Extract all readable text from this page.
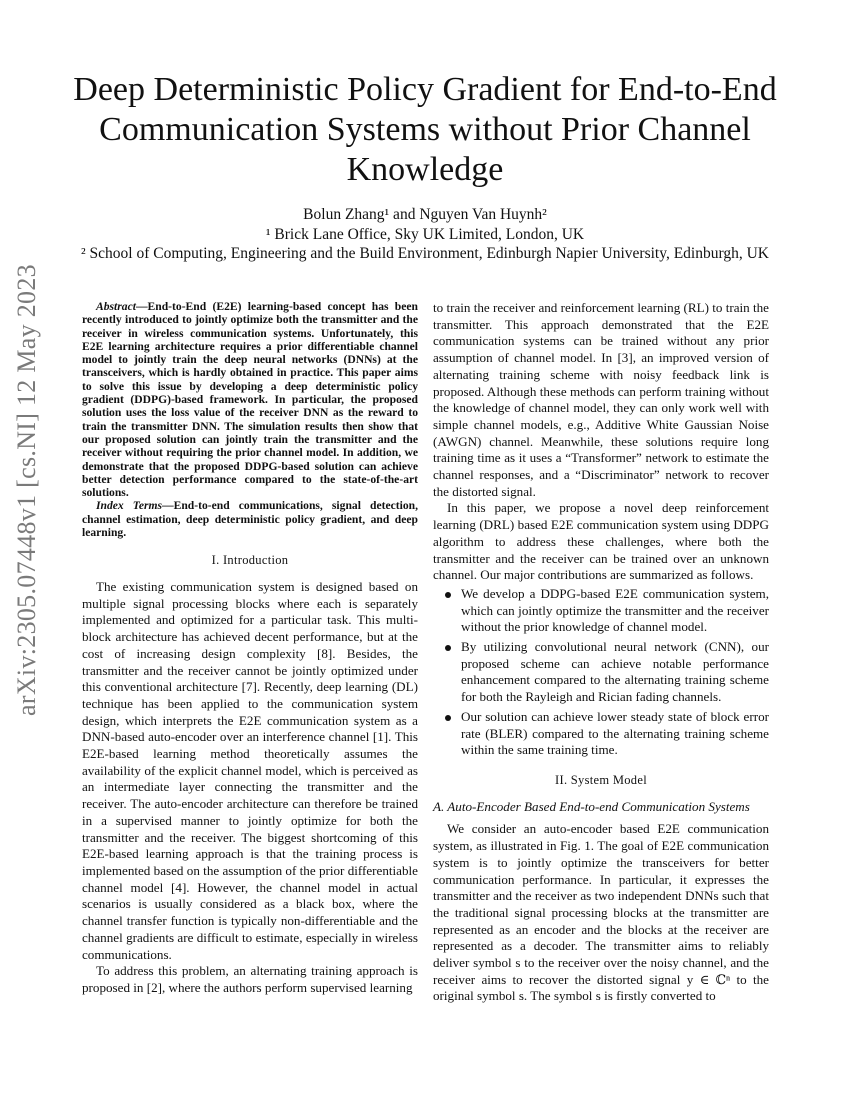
arXiv:2305.07448v1 [cs.NI] 12 May 2023
Deep Deterministic Policy Gradient for End-to-End Communication Systems without Prior Channel Knowledge
Bolun Zhang¹ and Nguyen Van Huynh²
¹ Brick Lane Office, Sky UK Limited, London, UK
² School of Computing, Engineering and the Build Environment, Edinburgh Napier University, Edinburgh, UK

Abstract—End-to-End (E2E) learning-based concept has been recently introduced to jointly optimize both the transmitter and the receiver in wireless communication systems. Unfortunately, this E2E learning architecture requires a prior differentiable channel model to jointly train the deep neural networks (DNNs) at the transceivers, which is hardly obtained in practice. This paper aims to solve this issue by developing a deep deterministic policy gradient (DDPG)-based framework. In particular, the proposed solution uses the loss value of the receiver DNN as the reward to train the transmitter DNN. The simulation results then show that our proposed solution can jointly train the transmitter and the receiver without requiring the prior channel model. In addition, we demonstrate that the proposed DDPG-based solution can achieve better detection performance compared to the state-of-the-art solutions.

Index Terms—End-to-end communications, signal detection, channel estimation, deep deterministic policy gradient, and deep learning.

I. Introduction

The existing communication system is designed based on multiple signal processing blocks where each is separately implemented and optimized for a particular task. This multi-block architecture has achieved decent performance, but at the cost of increasing design complexity [8]. Besides, the transmitter and the receiver cannot be jointly optimized under this conventional architecture [7]. Recently, deep learning (DL) technique has been applied to the communication system design, which interprets the E2E communication system as a DNN-based auto-encoder over an interference channel [1]. This E2E-based learning method theoretically assumes the availability of the explicit channel model, which is perceived as an intermediate layer connecting the transmitter and the receiver. The auto-encoder architecture can therefore be trained in a supervised manner to jointly optimize for both the transmitter and the receiver. The biggest shortcoming of this E2E-based learning approach is that the training process is implemented based on the assumption of the prior differentiable channel model [4]. However, the channel model in actual scenarios is usually considered as a black box, where the channel transfer function is typically non-differentiable and the channel gradients are difficult to estimate, especially in wireless communications.

To address this problem, an alternating training approach is proposed in [2], where the authors perform supervised learning

to train the receiver and reinforcement learning (RL) to train the transmitter. This approach demonstrated that the E2E communication systems can be trained without any prior assumption of channel model. In [3], an improved version of alternating training scheme with noisy feedback link is proposed. Although these methods can perform training without the knowledge of channel model, they can only work well with simple channel models, e.g., Additive White Gaussian Noise (AWGN) channel. Meanwhile, these solutions require long training time as it uses a “Transformer” network to estimate the channel responses, and a “Discriminator” network to recover the distorted signal.

In this paper, we propose a novel deep reinforcement learning (DRL) based E2E communication system using DDPG algorithm to address these challenges, where both the transmitter and the receiver can be trained over an unknown channel. Our major contributions are summarized as follows.

We develop a DDPG-based E2E communication system, which can jointly optimize the transmitter and the receiver without the prior knowledge of channel model.
By utilizing convolutional neural network (CNN), our proposed scheme can achieve notable performance enhancement compared to the alternating training scheme for both the Rayleigh and Rician fading channels.
Our solution can achieve lower steady state of block error rate (BLER) compared to the alternating training scheme within the same training time.
II. System Model
A. Auto-Encoder Based End-to-end Communication Systems

We consider an auto-encoder based E2E communication system, as illustrated in Fig. 1. The goal of E2E communication system is to jointly optimize the transceivers for better communication performance. In particular, it expresses the transmitter and the receiver as two independent DNNs such that the traditional signal processing blocks at the transmitter are represented as an encoder and the blocks at the receiver are represented as a decoder. The transmitter aims to reliably deliver symbol s to the receiver over the noisy channel, and the receiver aims to recover the distorted signal y ∈ ℂⁿ to the original symbol s. The symbol s is firstly converted to
